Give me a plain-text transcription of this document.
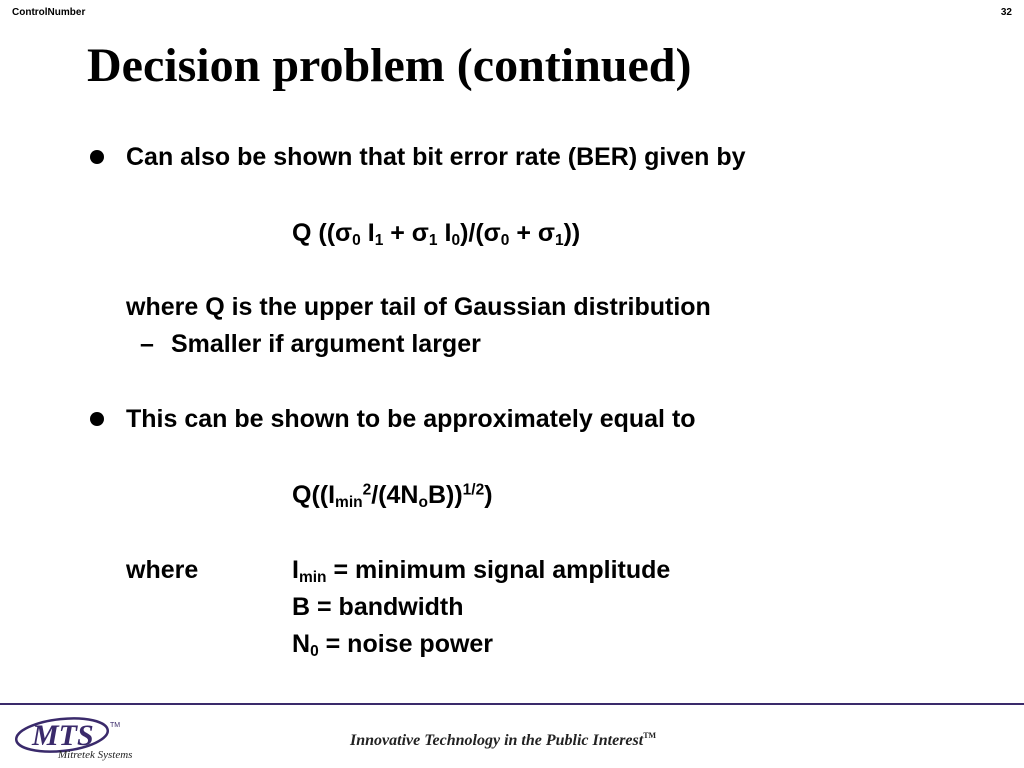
ControlNumber	32
Decision problem (continued)
Can also be shown that bit error rate (BER) given by
Q (($\sigma_0$ $I_1 + \sigma_1$ $I_0)/(\sigma_0 + \sigma_1)$)
where Q is the upper tail of Gaussian distribution
– Smaller if argument larger
This can be shown to be approximately equal to
$Q((I_{min}^2/(4N_oB))^{1/2})$
where	$I_{min}$ = minimum signal amplitude
B = bandwidth
$N_0$ = noise power
MTS TM
Mitretek Systems
Innovative Technology in the Public Interest™
